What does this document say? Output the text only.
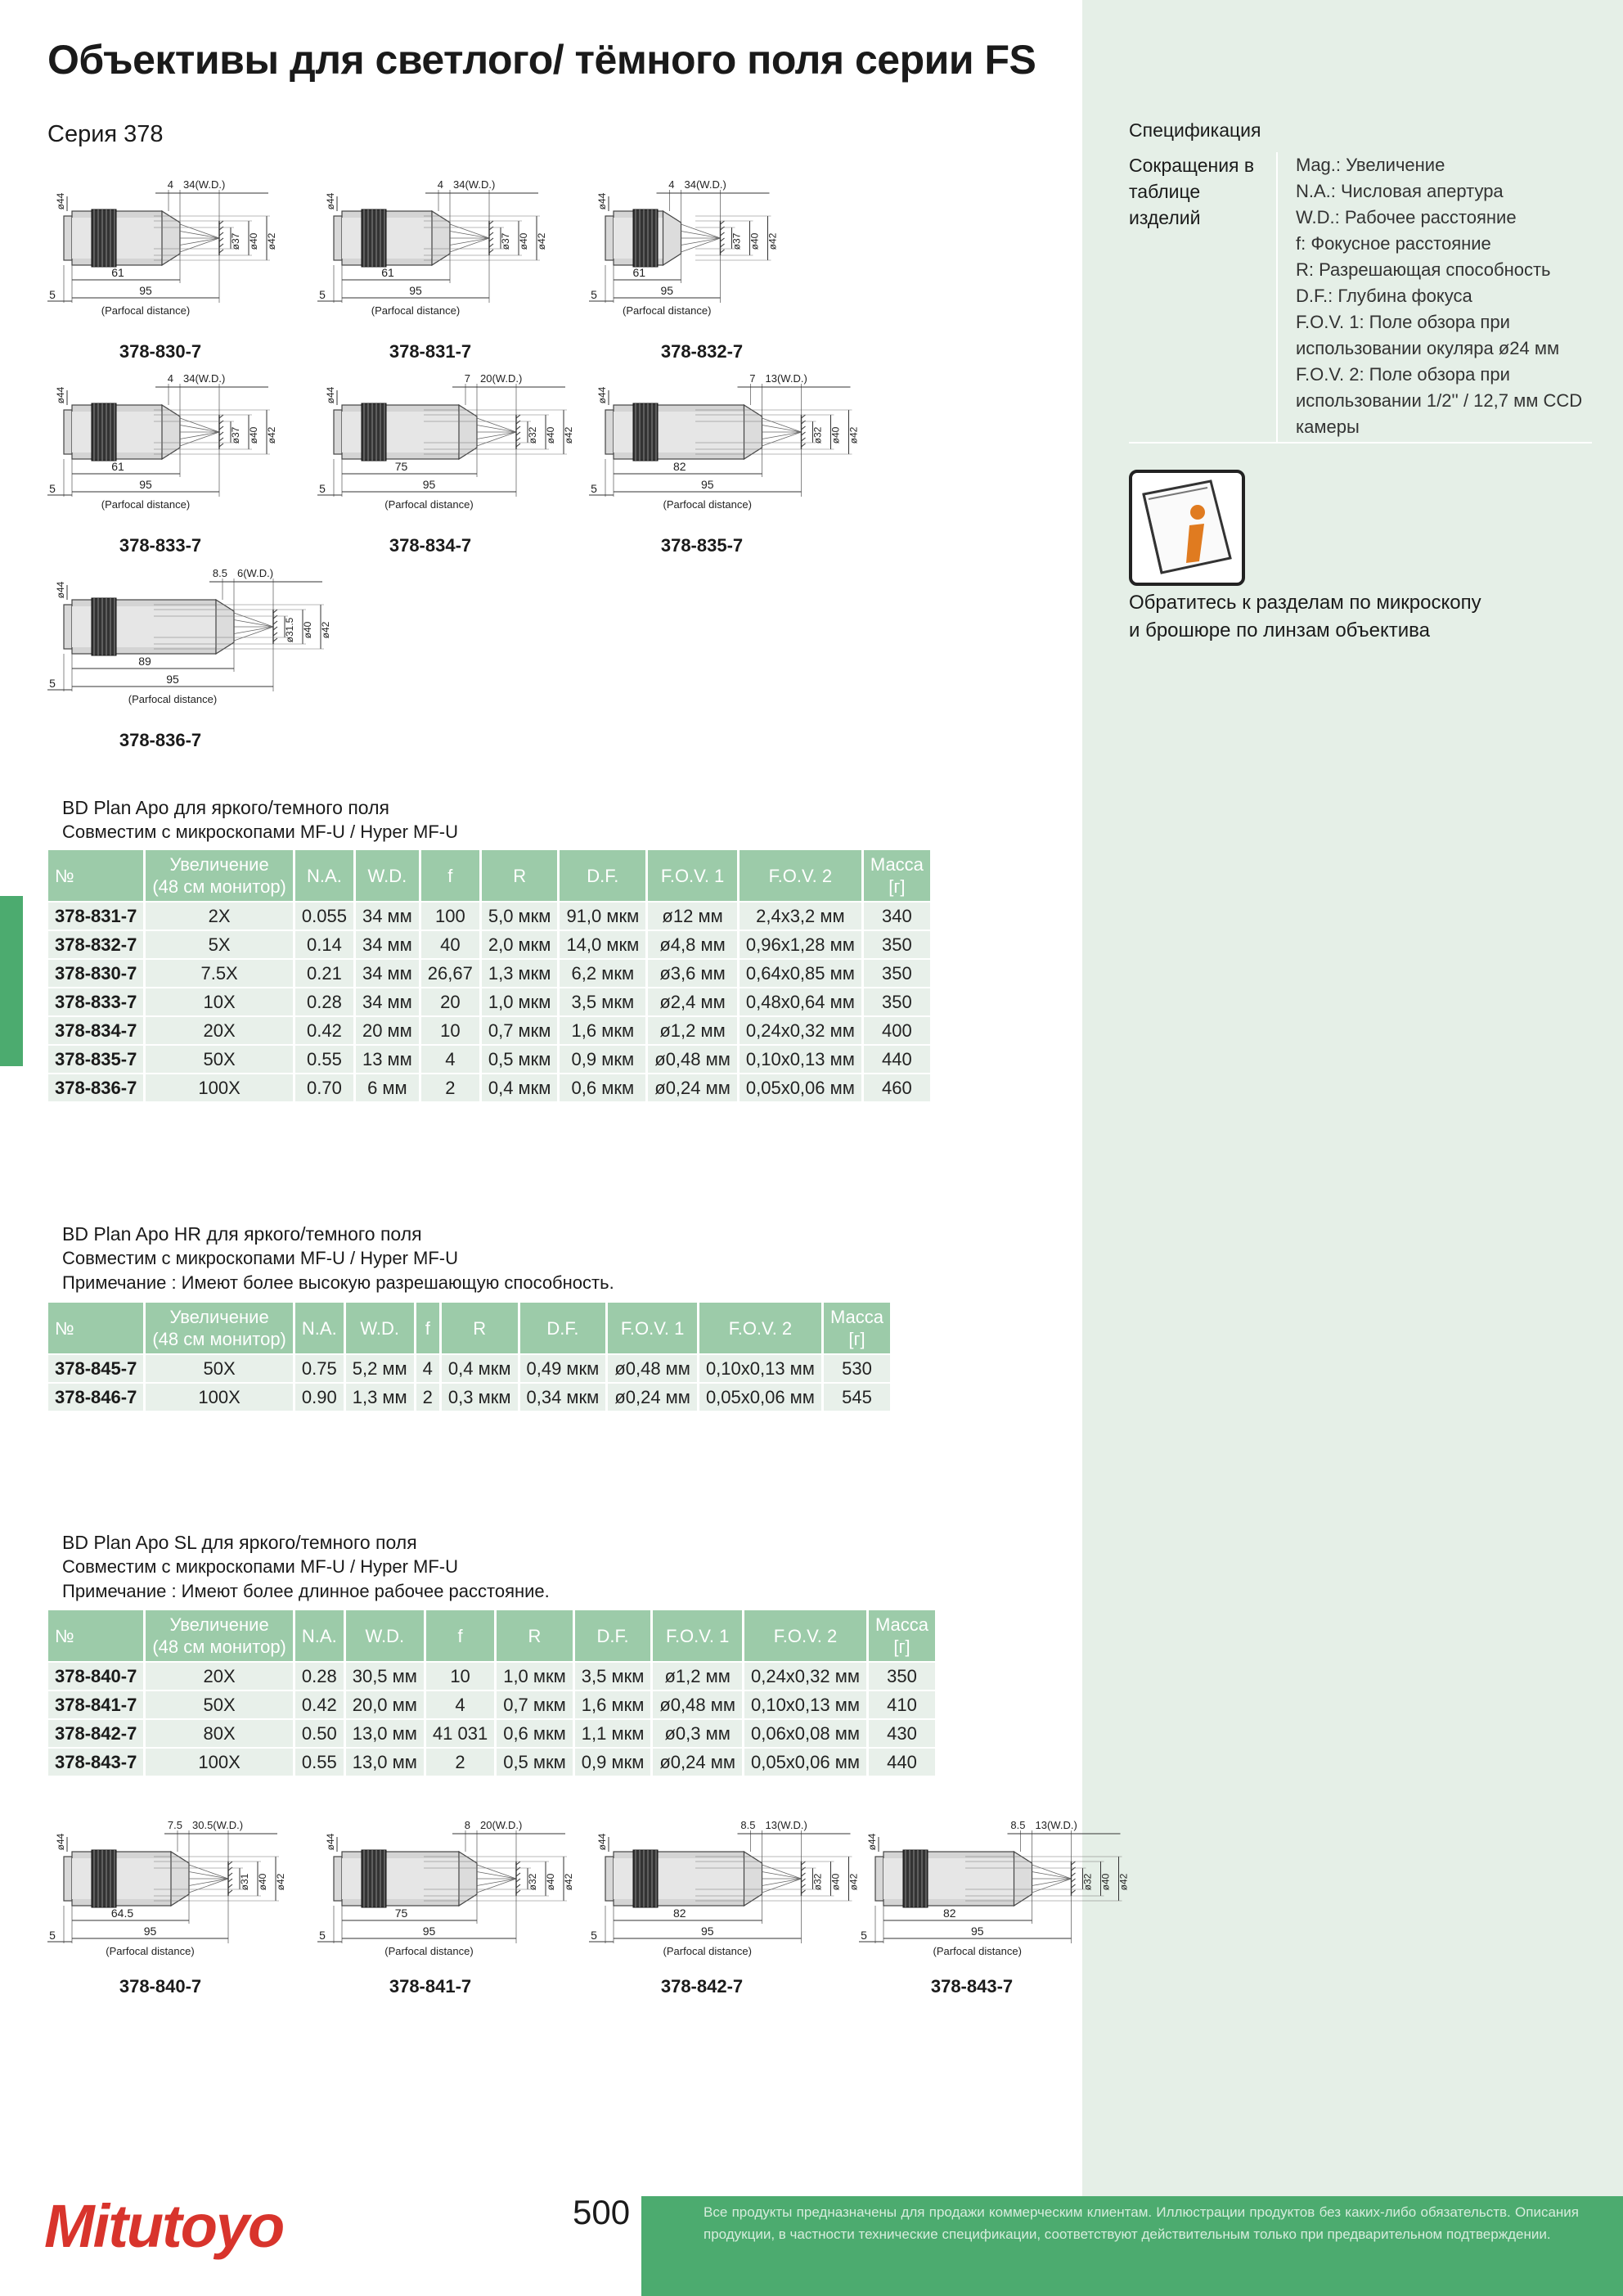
Объективы для светлого/ тёмного поля серии FS
Серия 378
ø37 ø40 ø42
ø44
4 34(W.D.)
61
95
5
(Parfocal distance)
378-830-7
ø37 ø40 ø42
ø44
4 34(W.D.)
61
95
5
(Parfocal distance)
378-831-7
ø37 ø40 ø42
ø44
4 34(W.D.)
61
95
5
(Parfocal distance)
378-832-7
ø37 ø40 ø42
ø44
4 34(W.D.)
61
95
5
(Parfocal distance)
378-833-7
ø32 ø40 ø42
ø44
7 20(W.D.)
75
95
5
(Parfocal distance)
378-834-7
ø32 ø40 ø42
ø44
7 13(W.D.)
82
95
5
(Parfocal distance)
378-835-7
ø31.5 ø40 ø42
ø44
8.5 6(W.D.)
89
95
5
(Parfocal distance)
378-836-7
ø31 ø40 ø42
ø44
7.5 30.5(W.D.)
64.5
95
5
(Parfocal distance)
378-840-7
ø32 ø40 ø42
ø44
8 20(W.D.)
75
95
5
(Parfocal distance)
378-841-7
ø32 ø40 ø42
ø44
8.5 13(W.D.)
82
95
5
(Parfocal distance)
378-842-7
ø32 ø40 ø42
ø44
8.5 13(W.D.)
82
95
5
(Parfocal distance)
378-843-7
Спецификация
Сокращения в
таблице
изделий
Mag.: Увеличение
N.A.: Числовая апертура
W.D.: Рабочее расстояние
f: Фокусное расстояние
R: Разрешающая способность
D.F.: Глубина фокуса
F.O.V. 1: Поле обзора при
использовании окуляра ø24 мм
F.O.V. 2: Поле обзора при
использовании 1/2'' / 12,7 мм CCD
камеры
Обратитесь к разделам по микроскопу
и брошюре по линзам объектива
BD Plan Apo для яркого/темного поля
Совместим с микроскопами MF-U / Hyper MF-U
№	Увеличение
(48 см монитор)	N.A.	W.D.	f	R	D.F.	F.O.V. 1	F.O.V. 2	Масса
[г]
378-831-7	2X	0.055	34 мм	100	5,0 мкм	91,0 мкм	ø12 мм	2,4x3,2 мм	340
378-832-7	5X	0.14	34 мм	40	2,0 мкм	14,0 мкм	ø4,8 мм	0,96x1,28 мм	350
378-830-7	7.5X	0.21	34 мм	26,67	1,3 мкм	6,2 мкм	ø3,6 мм	0,64x0,85 мм	350
378-833-7	10X	0.28	34 мм	20	1,0 мкм	3,5 мкм	ø2,4 мм	0,48x0,64 мм	350
378-834-7	20X	0.42	20 мм	10	0,7 мкм	1,6 мкм	ø1,2 мм	0,24x0,32 мм	400
378-835-7	50X	0.55	13 мм	4	0,5 мкм	0,9 мкм	ø0,48 мм	0,10x0,13 мм	440
378-836-7	100X	0.70	6 мм	2	0,4 мкм	0,6 мкм	ø0,24 мм	0,05x0,06 мм	460
BD Plan Apo HR для яркого/темного поля
Совместим с микроскопами MF-U / Hyper MF-U
Примечание : Имеют более высокую разрешающую способность.
№	Увеличение
(48 см монитор)	N.A.	W.D.	f	R	D.F.	F.O.V. 1	F.O.V. 2	Масса
[г]
378-845-7	50X	0.75	5,2 мм	4	0,4 мкм	0,49 мкм	ø0,48 мм	0,10x0,13 мм	530
378-846-7	100X	0.90	1,3 мм	2	0,3 мкм	0,34 мкм	ø0,24 мм	0,05x0,06 мм	545
BD Plan Apo SL для яркого/темного поля
Совместим с микроскопами MF-U / Hyper MF-U
Примечание : Имеют более длинное рабочее расстояние.
№	Увеличение
(48 см монитор)	N.A.	W.D.	f	R	D.F.	F.O.V. 1	F.O.V. 2	Масса
[г]
378-840-7	20X	0.28	30,5 мм	10	1,0 мкм	3,5 мкм	ø1,2 мм	0,24x0,32 мм	350
378-841-7	50X	0.42	20,0 мм	4	0,7 мкм	1,6 мкм	ø0,48 мм	0,10x0,13 мм	410
378-842-7	80X	0.50	13,0 мм	41 031	0,6 мкм	1,1 мкм	ø0,3 мм	0,06x0,08 мм	430
378-843-7	100X	0.55	13,0 мм	2	0,5 мкм	0,9 мкм	ø0,24 мм	0,05x0,06 мм	440
Mitutoyo	500	Все продукты предназначены для продажи коммерческим клиентам. Иллюстрации продуктов без каких-либо обязательств. Описания продукции, в частности технические спецификации, соответствуют действительным только при предварительном подтверждении.
